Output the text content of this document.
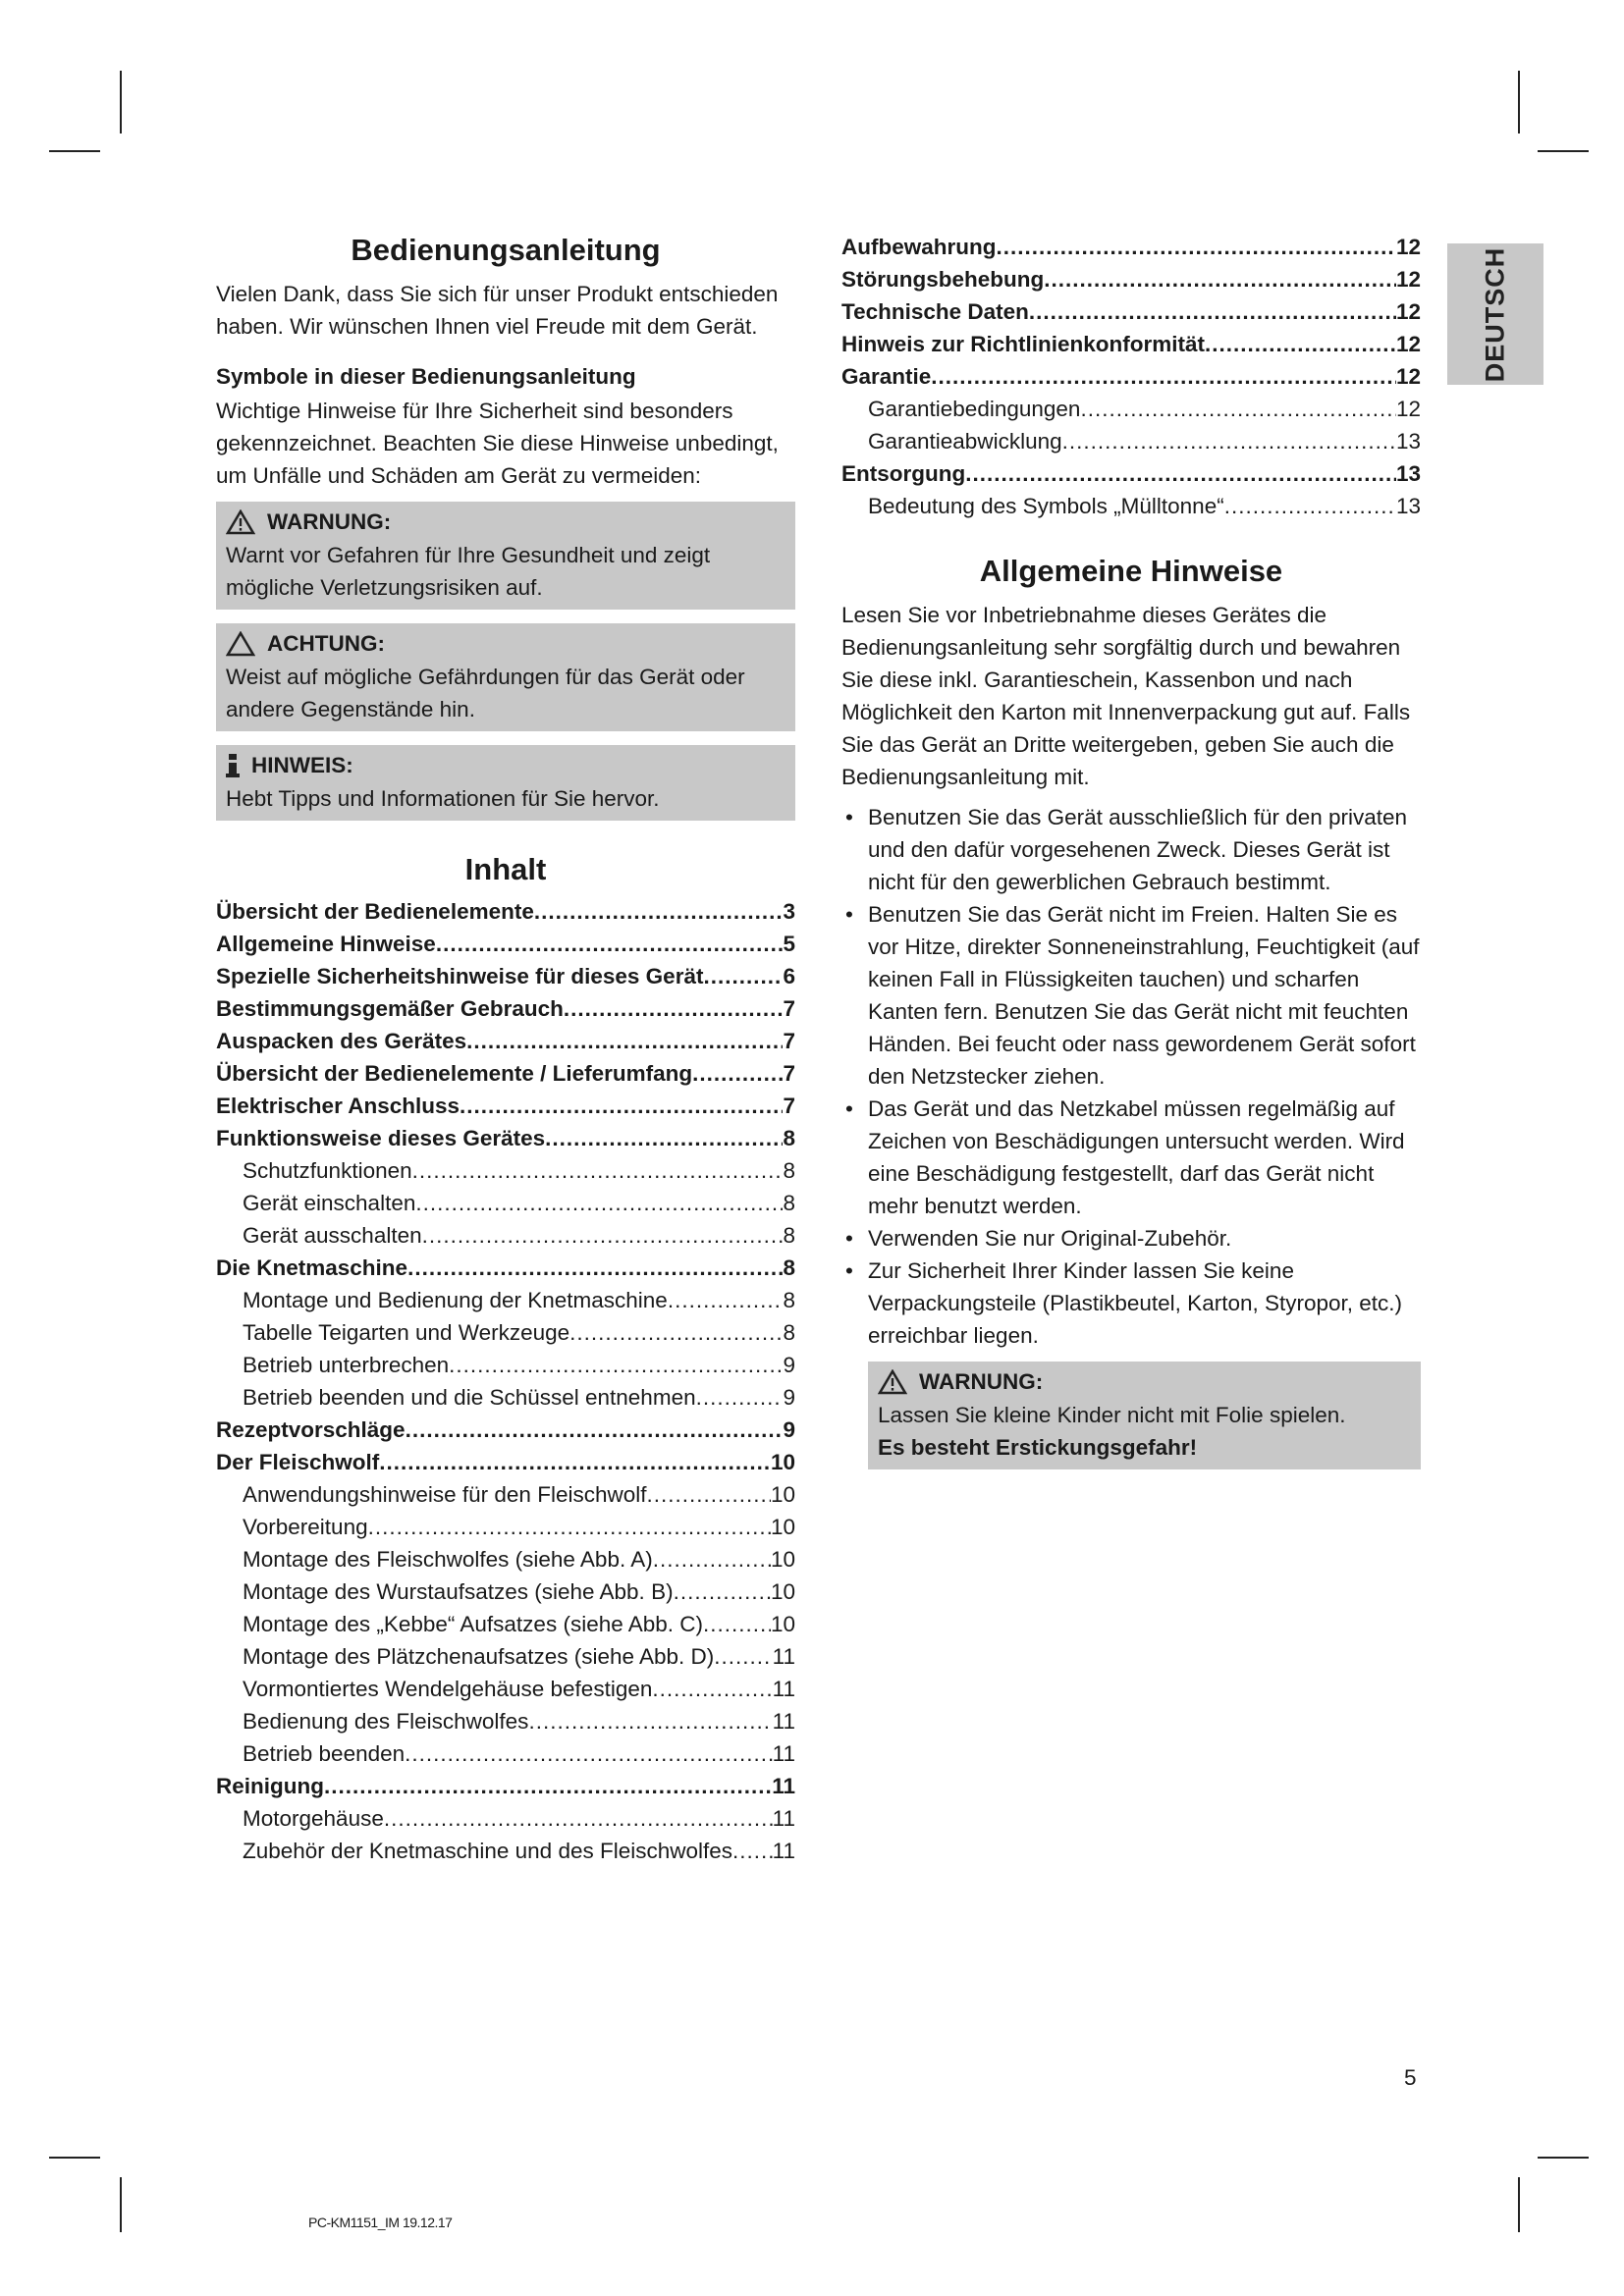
Bedienungsanleitung

Vielen Dank, dass Sie sich für unser Produkt entschieden haben. Wir wünschen Ihnen viel Freude mit dem Gerät.

Symbole in dieser Bedienungsanleitung

Wichtige Hinweise für Ihre Sicherheit sind besonders gekennzeichnet. Beachten Sie diese Hinweise unbedingt, um Unfälle und Schäden am Gerät zu vermeiden:

WARNUNG:

Warnt vor Gefahren für Ihre Gesundheit und zeigt mögliche Verletzungsrisiken auf.

ACHTUNG:

Weist auf mögliche Gefährdungen für das Gerät oder andere Gegenstände hin.

HINWEIS:

Hebt Tipps und Informationen für Sie hervor.

Inhalt
Übersicht der Bedienelemente .....	3
Allgemeine Hinweise .....	5
Spezielle Sicherheitshinweise für dieses Gerät .....	6
Bestimmungsgemäßer Gebrauch .....	7
Auspacken des Gerätes .....	7
Übersicht der Bedienelemente / Lieferumfang .....	7
Elektrischer Anschluss .....	7
Funktionsweise dieses Gerätes .....	8
Schutzfunktionen .....	8
Gerät einschalten .....	8
Gerät ausschalten .....	8
Die Knetmaschine .....	8
Montage und Bedienung der Knetmaschine .....	8
Tabelle Teigarten und Werkzeuge .....	8
Betrieb unterbrechen .....	9
Betrieb beenden und die Schüssel entnehmen .....	9
Rezeptvorschläge .....	9
Der Fleischwolf .....	10
Anwendungshinweise für den Fleischwolf .....	10
Vorbereitung .....	10
Montage des Fleischwolfes (siehe Abb. A) .....	10
Montage des Wurstaufsatzes (siehe Abb. B) .....	10
Montage des „Kebbe“ Aufsatzes (siehe Abb. C) .....	10
Montage des Plätzchenaufsatzes (siehe Abb. D) .....	11
Vormontiertes Wendelgehäuse befestigen .....	11
Bedienung des Fleischwolfes .....	11
Betrieb beenden .....	11
Reinigung .....	11
Motorgehäuse .....	11
Zubehör der Knetmaschine und des Fleischwolfes ..... 11
Aufbewahrung .....	12
Störungsbehebung .....	12
Technische Daten .....	12
Hinweis zur Richtlinienkonformität .....	12
Garantie .....	12
Garantiebedingungen .....	12
Garantieabwicklung .....	13
Entsorgung .....	13
Bedeutung des Symbols „Mülltonne“ .....	13
Allgemeine Hinweise

Lesen Sie vor Inbetriebnahme dieses Gerätes die Bedienungsanleitung sehr sorgfältig durch und bewahren Sie diese inkl. Garantieschein, Kassenbon und nach Möglichkeit den Karton mit Innenverpackung gut auf. Falls Sie das Gerät an Dritte weitergeben, geben Sie auch die Bedienungsanleitung mit.

• Benutzen Sie das Gerät ausschließlich für den privaten und den dafür vorgesehenen Zweck. Dieses Gerät ist nicht für den gewerblichen Gebrauch bestimmt.
• Benutzen Sie das Gerät nicht im Freien. Halten Sie es vor Hitze, direkter Sonneneinstrahlung, Feuchtigkeit (auf keinen Fall in Flüssigkeiten tauchen) und scharfen Kanten fern. Benutzen Sie das Gerät nicht mit feuchten Händen. Bei feucht oder nass gewordenem Gerät sofort den Netzstecker ziehen.
• Das Gerät und das Netzkabel müssen regelmäßig auf Zeichen von Beschädigungen untersucht werden. Wird eine Beschädigung festgestellt, darf das Gerät nicht mehr benutzt werden.
• Verwenden Sie nur Original-Zubehör.
• Zur Sicherheit Ihrer Kinder lassen Sie keine Verpackungsteile (Plastikbeutel, Karton, Styropor, etc.) erreichbar liegen.
WARNUNG:

Lassen Sie kleine Kinder nicht mit Folie spielen.

Es besteht Erstickungsgefahr!

DEUTSCH
5
PC-KM1151_IM 19.12.17
